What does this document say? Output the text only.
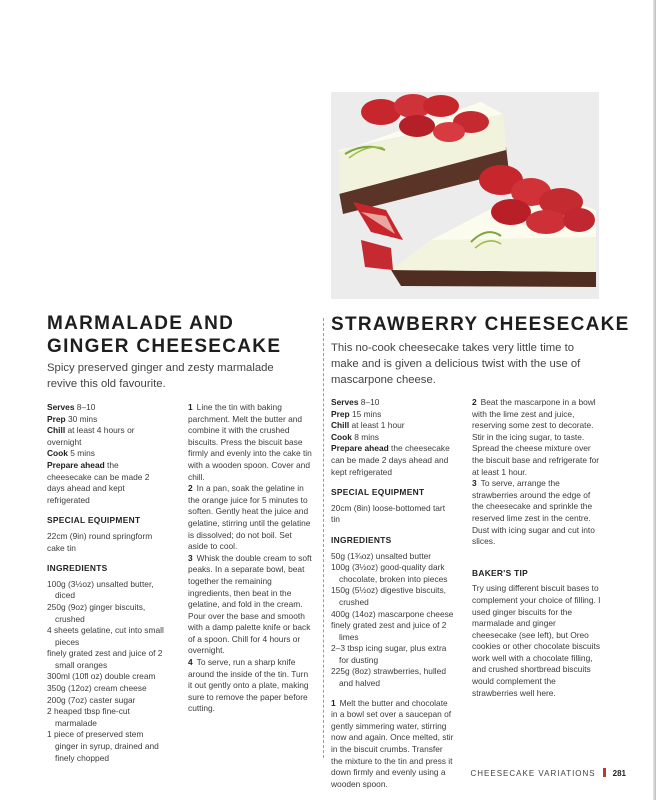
MARMALADE AND
GINGER CHEESECAKE

Spicy preserved ginger and zesty marmalade revive this old favourite.

Serves 8–10

Prep 30 mins

Chill at least 4 hours or overnight

Cook 5 mins

Prepare ahead the cheesecake can be made 2 days ahead and kept refrigerated

SPECIAL EQUIPMENT

22cm (9in) round springform cake tin

INGREDIENTS

100g (3½oz) unsalted butter, diced

250g (9oz) ginger biscuits, crushed

4 sheets gelatine, cut into small pieces

finely grated zest and juice of 2 small oranges

300ml (10fl oz) double cream

350g (12oz) cream cheese

200g (7oz) caster sugar

2 heaped tbsp fine-cut marmalade

1 piece of preserved stem ginger in syrup, drained and finely chopped

1 Line the tin with baking parchment. Melt the butter and combine it with the crushed biscuits. Press the biscuit base firmly and evenly into the cake tin with a wooden spoon. Cover and chill.

2 In a pan, soak the gelatine in the orange juice for 5 minutes to soften. Gently heat the juice and gelatine, stirring until the gelatine is dissolved; do not boil. Set aside to cool.

3 Whisk the double cream to soft peaks. In a separate bowl, beat together the remaining ingredients, then beat in the gelatine, and fold in the cream. Pour over the base and smooth with a damp palette knife or back of a spoon. Chill for 4 hours or overnight.

4 To serve, run a sharp knife around the inside of the tin. Turn it out gently onto a plate, making sure to remove the paper before cutting.

STRAWBERRY CHEESECAKE

This no-cook cheesecake takes very little time to make and is given a delicious twist with the use of mascarpone cheese.

Serves 8–10

Prep 15 mins

Chill at least 1 hour

Cook 8 mins

Prepare ahead the cheesecake can be made 2 days ahead and kept refrigerated

SPECIAL EQUIPMENT

20cm (8in) loose-bottomed tart tin

INGREDIENTS

50g (1¾oz) unsalted butter

100g (3½oz) good-quality dark chocolate, broken into pieces

150g (5½oz) digestive biscuits, crushed

400g (14oz) mascarpone cheese

finely grated zest and juice of 2 limes

2–3 tbsp icing sugar, plus extra for dusting

225g (8oz) strawberries, hulled and halved

1 Melt the butter and chocolate in a bowl set over a saucepan of gently simmering water, stirring now and again. Once melted, stir in the biscuit crumbs. Transfer the mixture to the tin and press it down firmly and evenly using a wooden spoon.

2 Beat the mascarpone in a bowl with the lime zest and juice, reserving some zest to decorate. Stir in the icing sugar, to taste. Spread the cheese mixture over the biscuit base and refrigerate for at least 1 hour.

3 To serve, arrange the strawberries around the edge of the cheesecake and sprinkle the reserved lime zest in the centre. Dust with icing sugar and cut into slices.

BAKER'S TIP

Try using different biscuit bases to complement your choice of filling. I used ginger biscuits for the marmalade and ginger cheesecake (see left), but Oreo cookies or other chocolate biscuits work well with a chocolate filling, and crushed shortbread biscuits would complement the strawberries well here.

CHEESECAKE VARIATIONS 281
